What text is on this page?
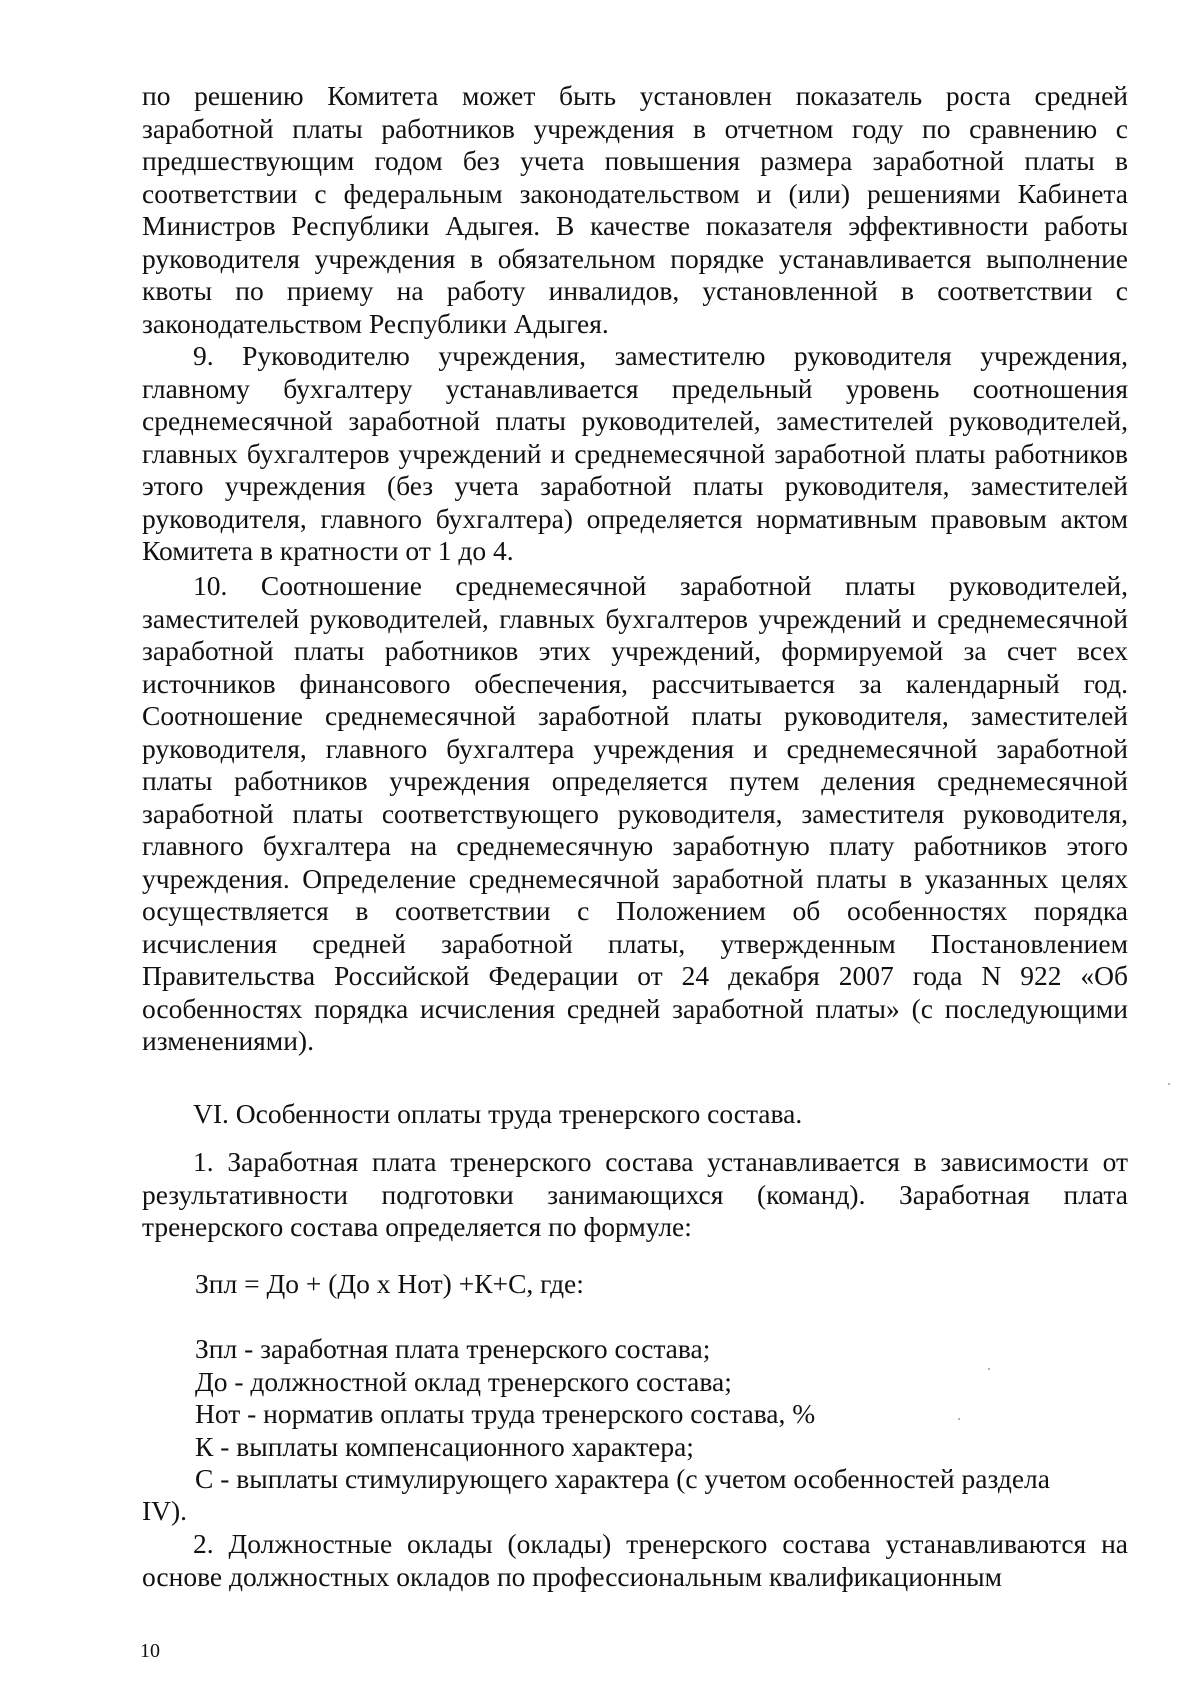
по решению Комитета может быть установлен показатель роста средней заработной платы работников учреждения в отчетном году по сравнению с предшествующим годом без учета повышения размера заработной платы в соответствии с федеральным законодательством и (или) решениями Кабинета Министров Республики Адыгея. В качестве показателя эффективности работы руководителя учреждения в обязательном порядке устанавливается выполнение квоты по приему на работу инвалидов, установленной в соответствии с законодательством Республики Адыгея.

9. Руководителю учреждения, заместителю руководителя учреждения, главному бухгалтеру устанавливается предельный уровень соотношения среднемесячной заработной платы руководителей, заместителей руководителей, главных бухгалтеров учреждений и среднемесячной заработной платы работников этого учреждения (без учета заработной платы руководителя, заместителей руководителя, главного бухгалтера) определяется нормативным правовым актом Комитета в кратности от 1 до 4.

10. Соотношение среднемесячной заработной платы руководителей, заместителей руководителей, главных бухгалтеров учреждений и среднемесячной заработной платы работников этих учреждений, формируемой за счет всех источников финансового обеспечения, рассчитывается за календарный год. Соотношение среднемесячной заработной платы руководителя, заместителей руководителя, главного бухгалтера учреждения и среднемесячной заработной платы работников учреждения определяется путем деления среднемесячной заработной платы соответствующего руководителя, заместителя руководителя, главного бухгалтера на среднемесячную заработную плату работников этого учреждения. Определение среднемесячной заработной платы в указанных целях осуществляется в соответствии с Положением об особенностях порядка исчисления средней заработной платы, утвержденным Постановлением Правительства Российской Федерации от 24 декабря 2007 года N 922 «Об особенностях порядка исчисления средней заработной платы» (с последующими изменениями).

VI. Особенности оплаты труда тренерского состава.

1. Заработная плата тренерского состава устанавливается в зависимости от результативности подготовки занимающихся (команд). Заработная плата тренерского состава определяется по формуле:

Зпл = До + (До х Нот) +К+С, где:
Зпл - заработная плата тренерского состава;
До - должностной оклад тренерского состава;
Нот - норматив оплаты труда тренерского состава, %
К - выплаты компенсационного характера;
С - выплаты стимулирующего характера (с учетом особенностей раздела
IV).

2. Должностные оклады (оклады) тренерского состава устанавливаются на основе должностных окладов по профессиональным квалификационным

10
